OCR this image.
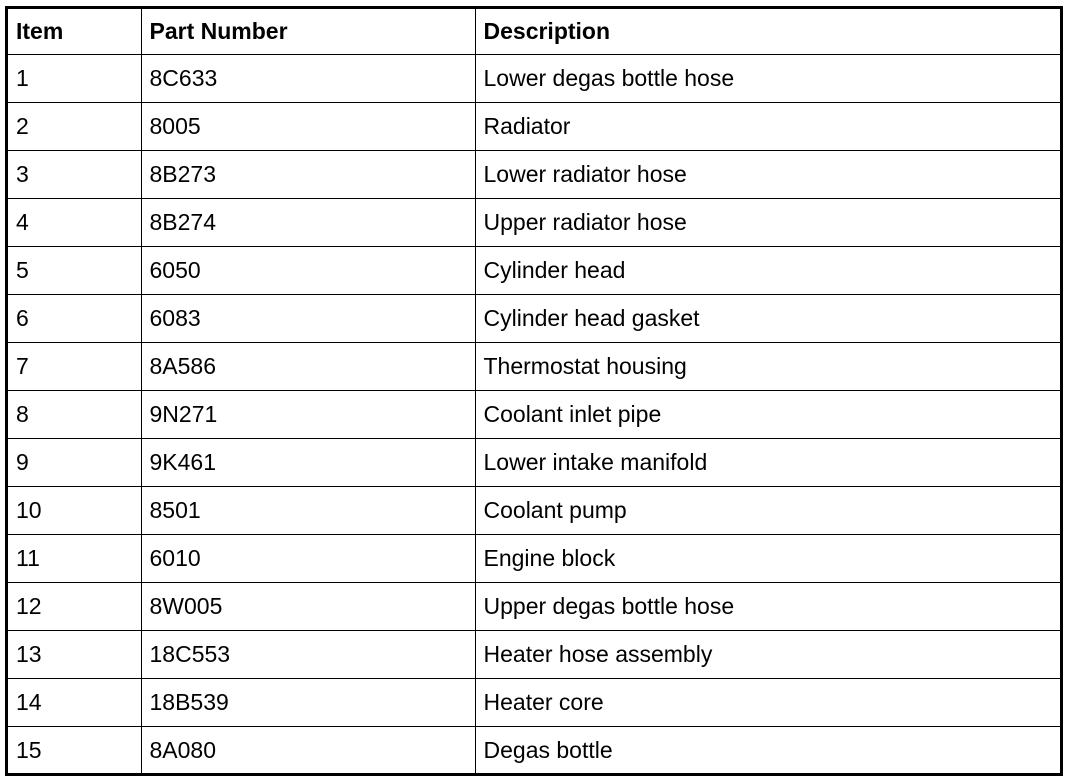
Item	Part Number	Description
1	8C633	Lower degas bottle hose
2	8005	Radiator
3	8B273	Lower radiator hose
4	8B274	Upper radiator hose
5	6050	Cylinder head
6	6083	Cylinder head gasket
7	8A586	Thermostat housing
8	9N271	Coolant inlet pipe
9	9K461	Lower intake manifold
10	8501	Coolant pump
11	6010	Engine block
12	8W005	Upper degas bottle hose
13	18C553	Heater hose assembly
14	18B539	Heater core
15	8A080	Degas bottle
